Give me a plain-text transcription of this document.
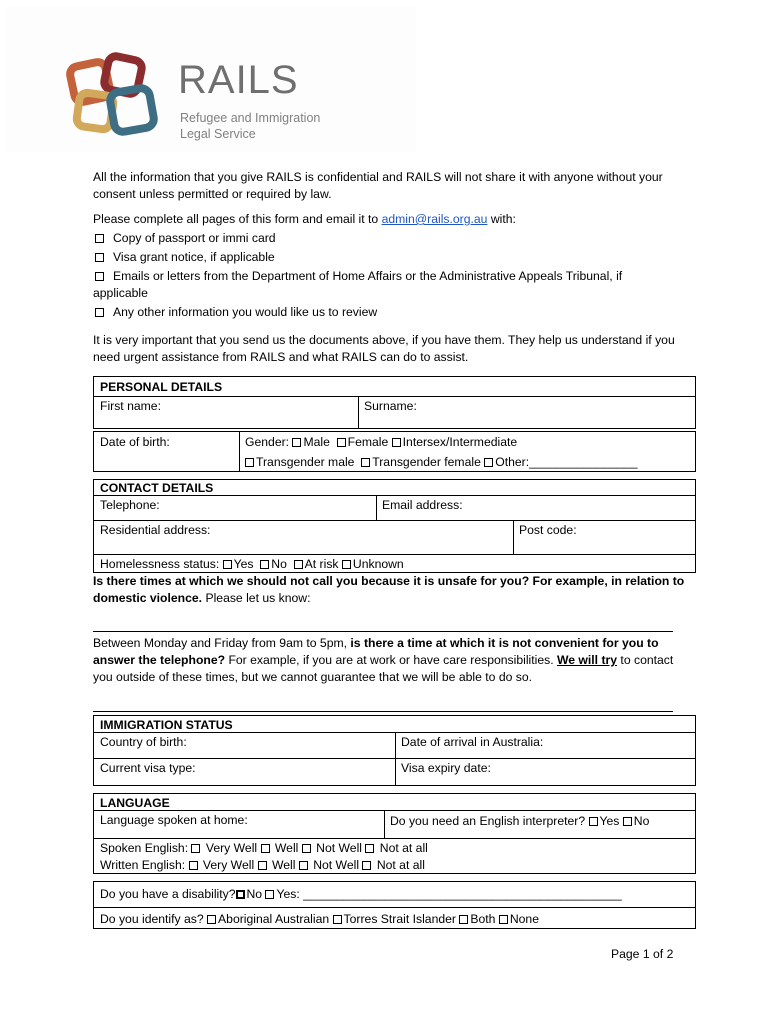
RAILS
Refugee and Immigration
Legal Service
All the information that you give RAILS is confidential and RAILS will not share it with anyone without your consent unless permitted or required by law.
Please complete all pages of this form and email it to admin@rails.org.au with:
Copy of passport or immi card
Visa grant notice, if applicable
Emails or letters from the Department of Home Affairs or the Administrative Appeals Tribunal, if
applicable
Any other information you would like us to review
It is very important that you send us the documents above, if you have them. They help us understand if you need urgent assistance from RAILS and what RAILS can do to assist.
PERSONAL DETAILS
First name:	Surname:
Date of birth:	Gender: Male Female Intersex/Intermediate
Transgender male Transgender female Other:________________
CONTACT DETAILS
Telephone:	Email address:
Residential address:	Post code:
Homelessness status: Yes No At risk Unknown
Is there times at which we should not call you because it is unsafe for you? For example, in relation to domestic violence. Please let us know:
Between Monday and Friday from 9am to 5pm, is there a time at which it is not convenient for you to answer the telephone? For example, if you are at work or have care responsibilities. We will try to contact you outside of these times, but we cannot guarantee that we will be able to do so.
IMMIGRATION STATUS
Country of birth:	Date of arrival in Australia:
Current visa type:	Visa expiry date:
LANGUAGE
Language spoken at home:	Do you need an English interpreter? Yes No
Spoken English:  Very Well Well Not Well Not at all
Written English:  Very Well Well Not Well Not at all
Do you have a disability? No Yes: _______________________________________________
Do you identify as? Aboriginal Australian Torres Strait Islander Both None
Page 1 of 2
